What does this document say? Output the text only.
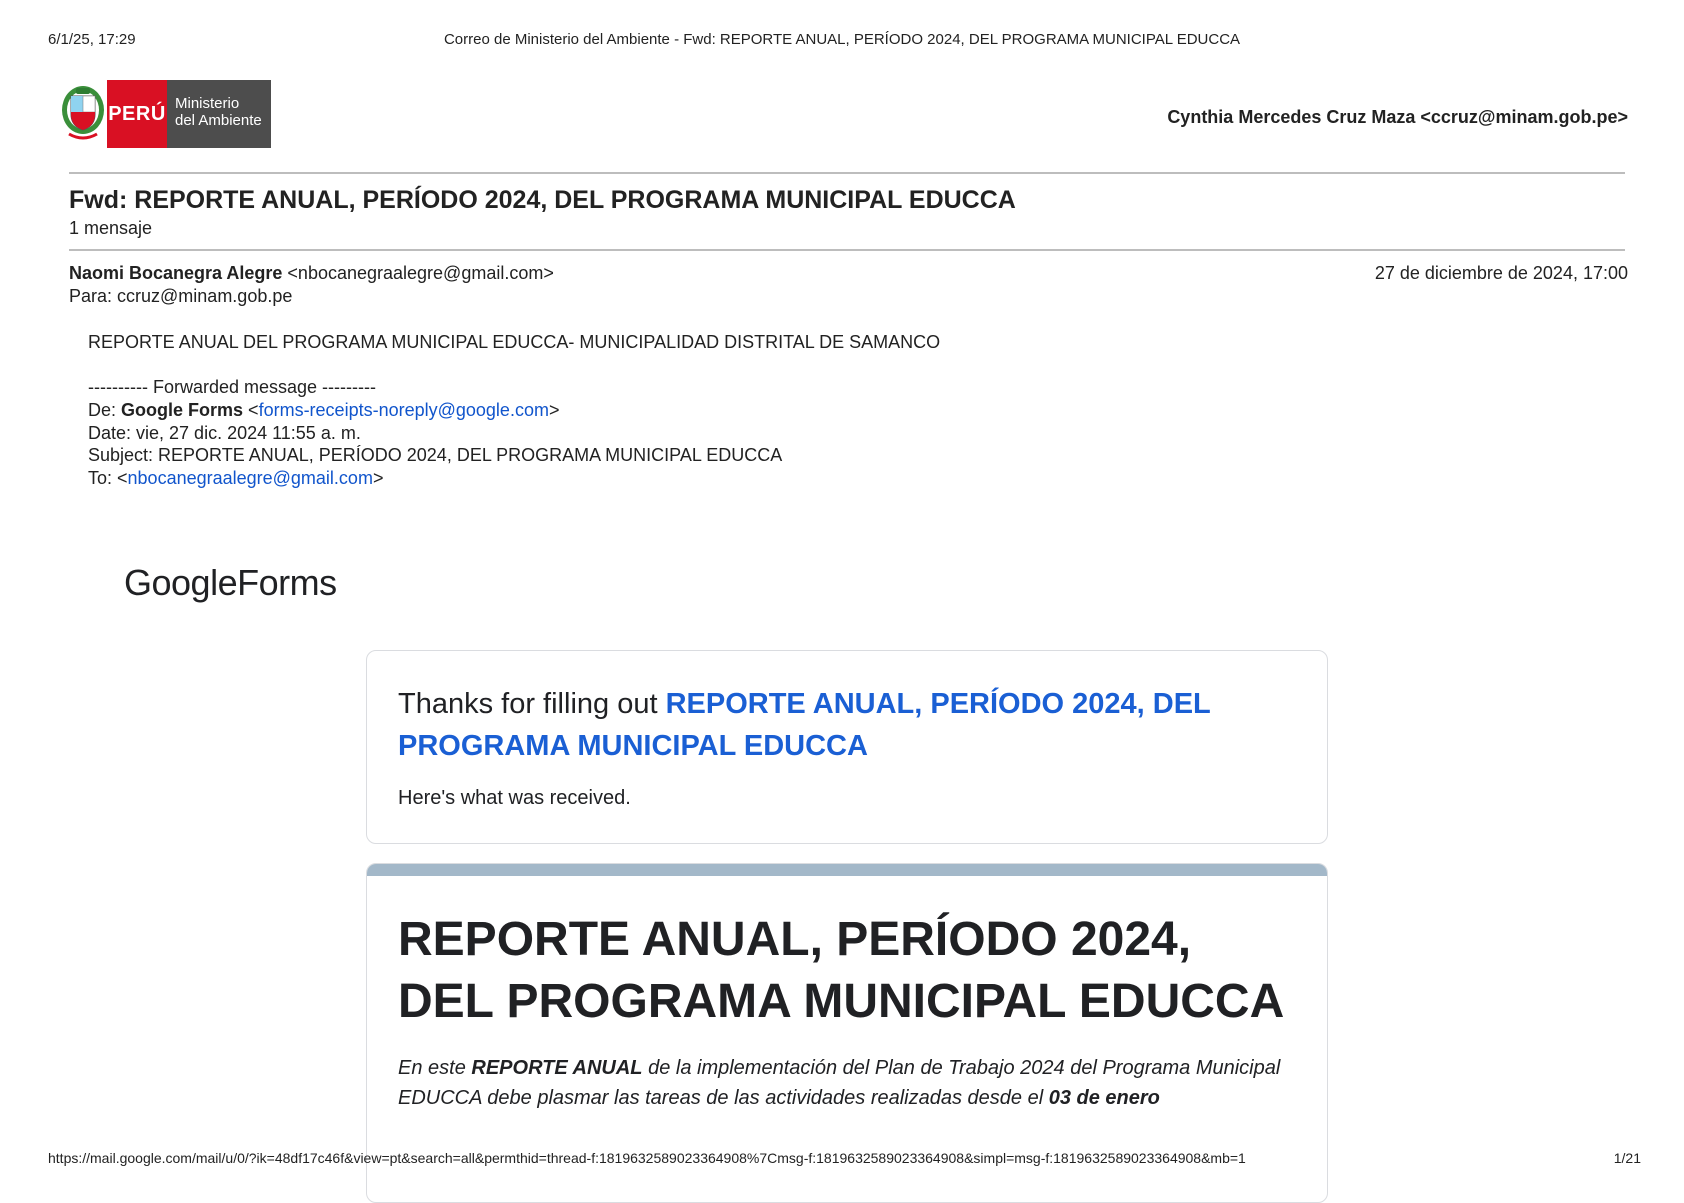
6/1/25, 17:29	Correo de Ministerio del Ambiente - Fwd: REPORTE ANUAL, PERÍODO 2024, DEL PROGRAMA MUNICIPAL EDUCCA
PERÚ Ministerio
del Ambiente	Cynthia Mercedes Cruz Maza <ccruz@minam.gob.pe>
Fwd: REPORTE ANUAL, PERÍODO 2024, DEL PROGRAMA MUNICIPAL EDUCCA
1 mensaje
Naomi Bocanegra Alegre <nbocanegraalegre@gmail.com>	27 de diciembre de 2024, 17:00
Para: ccruz@minam.gob.pe
REPORTE ANUAL DEL PROGRAMA MUNICIPAL EDUCCA- MUNICIPALIDAD DISTRITAL DE SAMANCO
---------- Forwarded message ---------
De: Google Forms <forms-receipts-noreply@google.com>
Date: vie, 27 dic. 2024 11:55 a. m.
Subject: REPORTE ANUAL, PERÍODO 2024, DEL PROGRAMA MUNICIPAL EDUCCA
To: <nbocanegraalegre@gmail.com>
GoogleForms
Thanks for filling out REPORTE ANUAL, PERÍODO 2024, DEL PROGRAMA MUNICIPAL EDUCCA
Here's what was received.
REPORTE ANUAL, PERÍODO 2024, DEL PROGRAMA MUNICIPAL EDUCCA
En este REPORTE ANUAL de la implementación del Plan de Trabajo 2024 del Programa Municipal EDUCCA debe plasmar las tareas de las actividades realizadas desde el 03 de enero
https://mail.google.com/mail/u/0/?ik=48df17c46f&view=pt&search=all&permthid=thread-f:1819632589023364908%7Cmsg-f:1819632589023364908&simpl=msg-f:1819632589023364908&mb=1	1/21
